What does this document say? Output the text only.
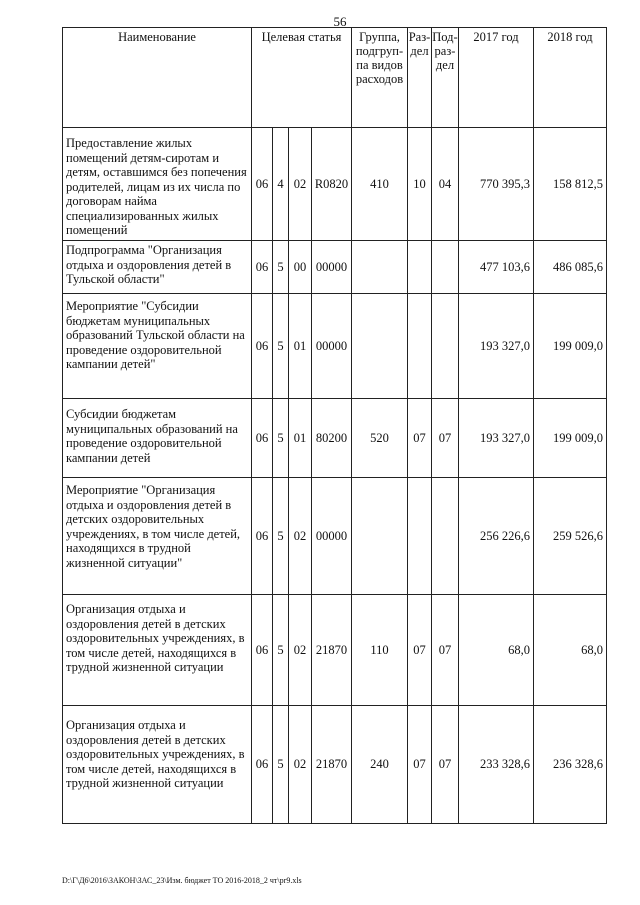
56
Наименование	Целевая статья				Группа, подгруп-па видов расходов	Раз-дел	Под-раз-дел	2017 год	2018 год
Предоставление жилых помещений детям-сиротам и детям, оставшимся без попечения родителей, лицам из их числа по договорам найма специализированных жилых помещений	06	4	02	R0820	410	10	04	770 395,3	158 812,5
Подпрограмма "Организация отдыха и оздоровления детей в Тульской области"	06	5	00	00000				477 103,6	486 085,6
Мероприятие "Субсидии бюджетам муниципальных образований Тульской области на проведение оздоровительной кампании детей"	06	5	01	00000				193 327,0	199 009,0
Субсидии бюджетам муниципальных образований на проведение оздоровительной кампании детей	06	5	01	80200	520	07	07	193 327,0	199 009,0
Мероприятие "Организация отдыха и оздоровления детей в детских оздоровительных учреждениях, в том числе детей, находящихся в трудной жизненной ситуации"	06	5	02	00000				256 226,6	259 526,6
Организация отдыха и оздоровления детей в детских оздоровительных учреждениях, в том числе детей, находящихся в трудной жизненной ситуации	06	5	02	21870	110	07	07	68,0	68,0
Организация отдыха и оздоровления детей в детских оздоровительных учреждениях, в том числе детей, находящихся в трудной жизненной ситуации	06	5	02	21870	240	07	07	233 328,6	236 328,6
D:\Г\Д6\2016\ЗАКОН\ЗАС_23\Изм. бюджет ТО 2016-2018_2 чт\pr9.xls
